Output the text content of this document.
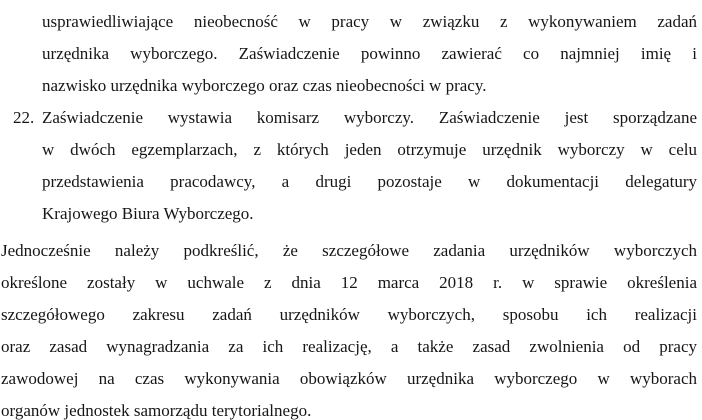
usprawiedliwiające nieobecność w pracy w związku z wykonywaniem zadań
urzędnika wyborczego. Zaświadczenie powinno zawierać co najmniej imię i
nazwisko urzędnika wyborczego oraz czas nieobecności w pracy.
22. Zaświadczenie wystawia komisarz wyborczy. Zaświadczenie jest sporządzane
w dwóch egzemplarzach, z których jeden otrzymuje urzędnik wyborczy w celu
przedstawienia pracodawcy, a drugi pozostaje w dokumentacji delegatury
Krajowego Biura Wyborczego.
Jednocześnie należy podkreślić, że szczegółowe zadania urzędników wyborczych
określone zostały w uchwale z dnia 12 marca 2018 r. w sprawie określenia
szczegółowego zakresu zadań urzędników wyborczych, sposobu ich realizacji
oraz zasad wynagradzania za ich realizację, a także zasad zwolnienia od pracy
zawodowej na czas wykonywania obowiązków urzędnika wyborczego w wyborach
organów jednostek samorządu terytorialnego.
